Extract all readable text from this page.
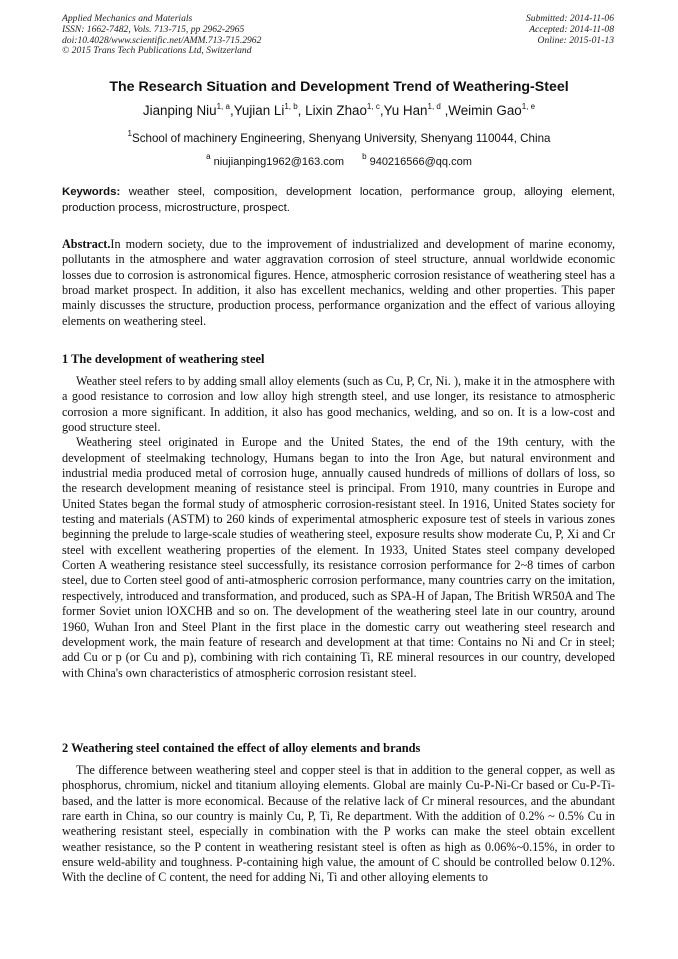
Applied Mechanics and Materials
ISSN: 1662-7482, Vols. 713-715, pp 2962-2965
doi:10.4028/www.scientific.net/AMM.713-715.2962
© 2015 Trans Tech Publications Ltd, Switzerland
Submitted: 2014-11-06
Accepted: 2014-11-08
Online: 2015-01-13
The Research Situation and Development Trend of Weathering-Steel
Jianping Niu$^{1, a}$,Yujian Li$^{1, b}$, Lixin Zhao$^{1, c}$,Yu Han$^{1, d}$ ,Weimin Gao$^{1, e}$
$^1$School of machinery Engineering, Shenyang University, Shenyang 110044, China
$^a$ niujianping1962@163.com $^b$ 940216566@qq.com
Keywords: weather steel, composition, development location, performance group, alloying element, production process, microstructure, prospect.
Abstract.In modern society, due to the improvement of industrialized and development of marine economy, pollutants in the atmosphere and water aggravation corrosion of steel structure, annual worldwide economic losses due to corrosion is astronomical figures. Hence, atmospheric corrosion resistance of weathering steel has a broad market prospect. In addition, it also has excellent mechanics, welding and other properties. This paper mainly discusses the structure, production process, performance organization and the effect of various alloying elements on weathering steel.
1 The development of weathering steel

Weather steel refers to by adding small alloy elements (such as Cu, P, Cr, Ni. ), make it in the atmosphere with a good resistance to corrosion and low alloy high strength steel, and use longer, its resistance to atmospheric corrosion a more significant. In addition, it also has good mechanics, welding, and so on. It is a low-cost and good structure steel.

Weathering steel originated in Europe and the United States, the end of the 19th century, with the development of steelmaking technology, Humans began to into the Iron Age, but natural environment and industrial media produced metal of corrosion huge, annually caused hundreds of millions of dollars of loss, so the research development meaning of resistance steel is principal. From 1910, many countries in Europe and United States began the formal study of atmospheric corrosion-resistant steel. In 1916, United States society for testing and materials (ASTM) to 260 kinds of experimental atmospheric exposure test of steels in various zones beginning the prelude to large-scale studies of weathering steel, exposure results show moderate Cu, P, Xi and Cr steel with excellent weathering properties of the element. In 1933, United States steel company developed Corten A weathering resistance steel successfully, its resistance corrosion performance for 2~8 times of carbon steel, due to Corten steel good of anti-atmospheric corrosion performance, many countries carry on the imitation, respectively, introduced and transformation, and produced, such as SPA-H of Japan, The British WR50A and The former Soviet union lOXCHB and so on. The development of the weathering steel late in our country, around 1960, Wuhan Iron and Steel Plant in the first place in the domestic carry out weathering steel research and development work, the main feature of research and development at that time: Contains no Ni and Cr in steel; add Cu or p (or Cu and p), combining with rich containing Ti, RE mineral resources in our country, developed with China's own characteristics of atmospheric corrosion resistant steel.

2 Weathering steel contained the effect of alloy elements and brands

The difference between weathering steel and copper steel is that in addition to the general copper, as well as phosphorus, chromium, nickel and titanium alloying elements. Global are mainly Cu-P-Ni-Cr based or Cu-P-Ti-based, and the latter is more economical. Because of the relative lack of Cr mineral resources, and the abundant rare earth in China, so our country is mainly Cu, P, Ti, Re department. With the addition of 0.2% ~ 0.5% Cu in weathering resistant steel, especially in combination with the P works can make the steel obtain excellent weather resistance, so the P content in weathering resistant steel is often as high as 0.06%~0.15%, in order to ensure weld-ability and toughness. P-containing high value, the amount of C should be controlled below 0.12%. With the decline of C content, the need for adding Ni, Ti and other alloying elements to
